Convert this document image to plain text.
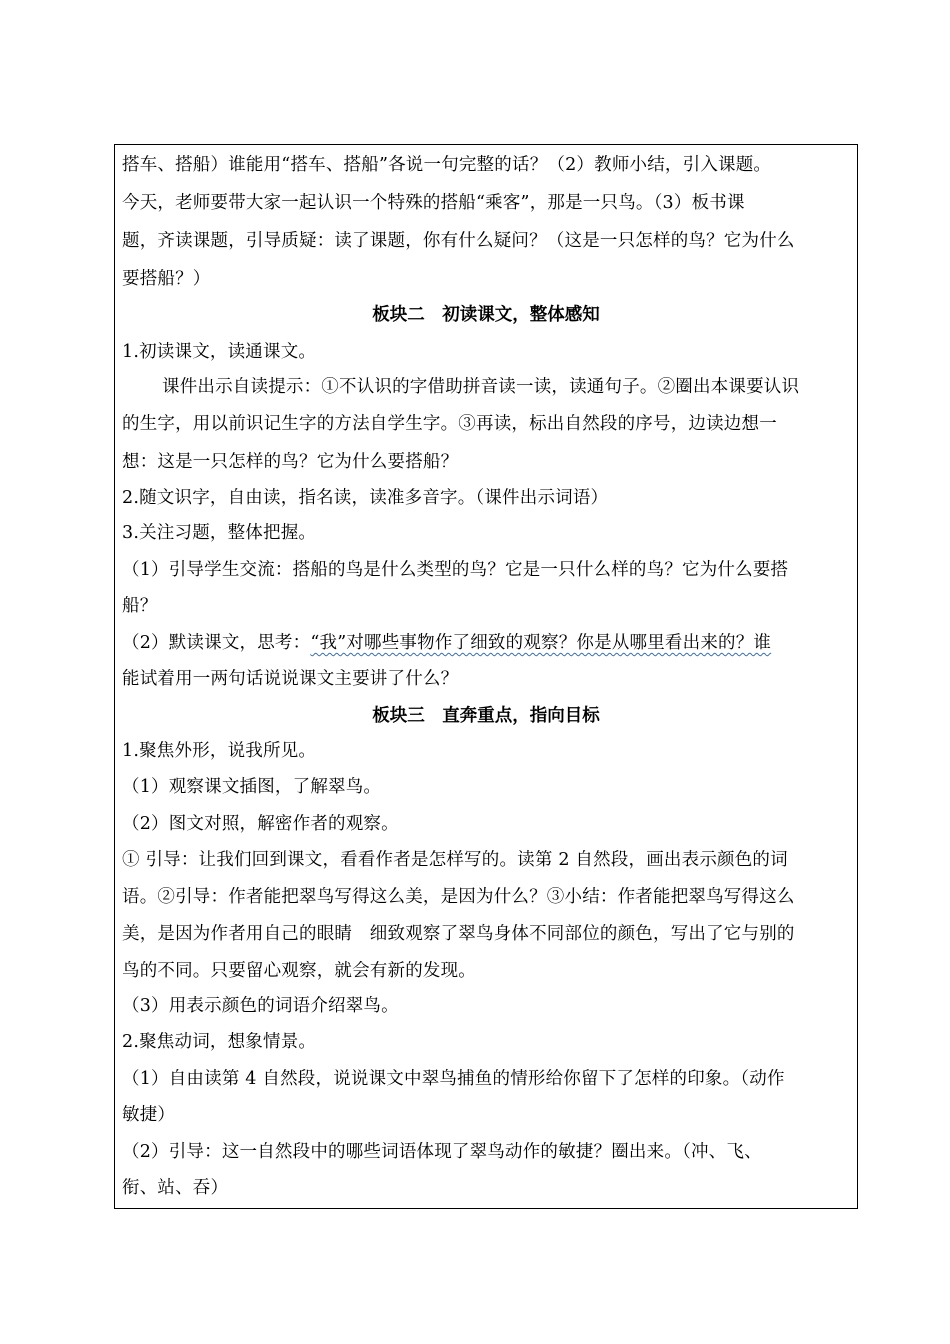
搭车、搭船）谁能用“搭车、搭船”各说一句完整的话？（2）教师小结，引入课题。
今天，老师要带大家一起认识一个特殊的搭船“乘客”，那是一只鸟。（3）板书课
题，齐读课题，引导质疑：读了课题，你有什么疑问？（这是一只怎样的鸟？它为什么
要搭船？）
板块二　初读课文，整体感知
1.初读课文，读通课文。
课件出示自读提示：①不认识的字借助拼音读一读，读通句子。②圈出本课要认识
的生字，用以前识记生字的方法自学生字。③再读，标出自然段的序号，边读边想一
想：这是一只怎样的鸟？它为什么要搭船？
2.随文识字，自由读，指名读，读准多音字。（课件出示词语）
3.关注习题，整体把握。
（1）引导学生交流：搭船的鸟是什么类型的鸟？它是一只什么样的鸟？它为什么要搭
船？
（2）默读课文，思考：“我”对哪些事物作了细致的观察？你是从哪里看出来的？谁
能试着用一两句话说说课文主要讲了什么？
板块三　直奔重点，指向目标
1.聚焦外形，说我所见。
（1）观察课文插图，了解翠鸟。
（2）图文对照，解密作者的观察。
① 引导：让我们回到课文，看看作者是怎样写的。读第 2 自然段，画出表示颜色的词
语。②引导：作者能把翠鸟写得这么美，是因为什么？③小结：作者能把翠鸟写得这么
美，是因为作者用自己的眼睛　细致观察了翠鸟身体不同部位的颜色，写出了它与别的
鸟的不同。只要留心观察，就会有新的发现。
（3）用表示颜色的词语介绍翠鸟。
2.聚焦动词，想象情景。
（1）自由读第 4 自然段，说说课文中翠鸟捕鱼的情形给你留下了怎样的印象。（动作
敏捷）
（2）引导：这一自然段中的哪些词语体现了翠鸟动作的敏捷？圈出来。（冲、飞、
衔、站、吞）
